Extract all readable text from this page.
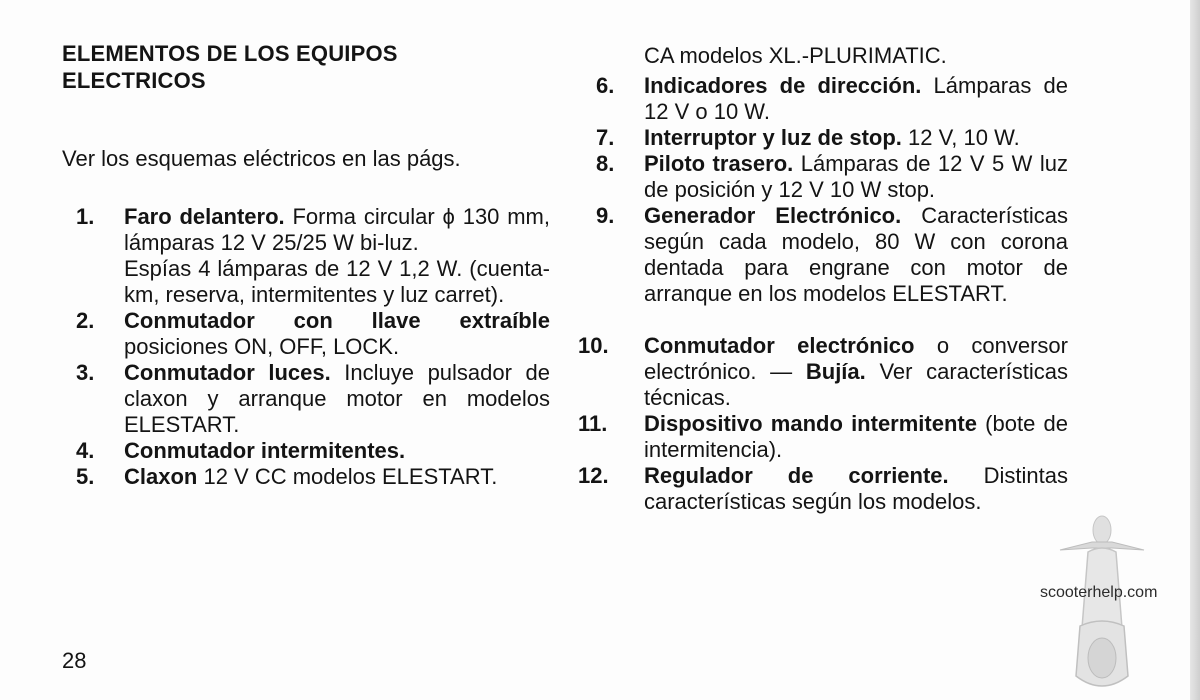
ELEMENTOS DE LOS EQUIPOS ELECTRICOS
Ver los esquemas eléctricos en las págs.
1.	Faro delantero. Forma circular ϕ 130 mm, lámparas 12 V 25/25 W bi-luz.
Espías 4 lámparas de 12 V 1,2 W. (cuenta-km, reserva, intermitentes y luz carret).
2.	Conmutador con llave extraíble posiciones ON, OFF, LOCK.
3.	Conmutador luces. Incluye pulsador de claxon y arranque motor en modelos ELESTART.
4.	Conmutador intermitentes.
5.	Claxon 12 V CC modelos ELESTART.
CA modelos XL.-PLURIMATIC.
6.	Indicadores de dirección. Lámparas de 12 V o 10 W.
7.	Interruptor y luz de stop. 12 V, 10 W.
8.	Piloto trasero. Lámparas de 12 V 5 W luz de posición y 12 V 10 W stop.
9.	Generador Electrónico. Características según cada modelo, 80 W con corona dentada para engrane con motor de arranque en los modelos ELESTART.
10.	Conmutador electrónico o conversor electrónico. — Bujía. Ver características técnicas.
11.	Dispositivo mando intermitente (bote de intermitencia).
12.	Regulador de corriente. Distintas características según los modelos.
28
scooterhelp.com
